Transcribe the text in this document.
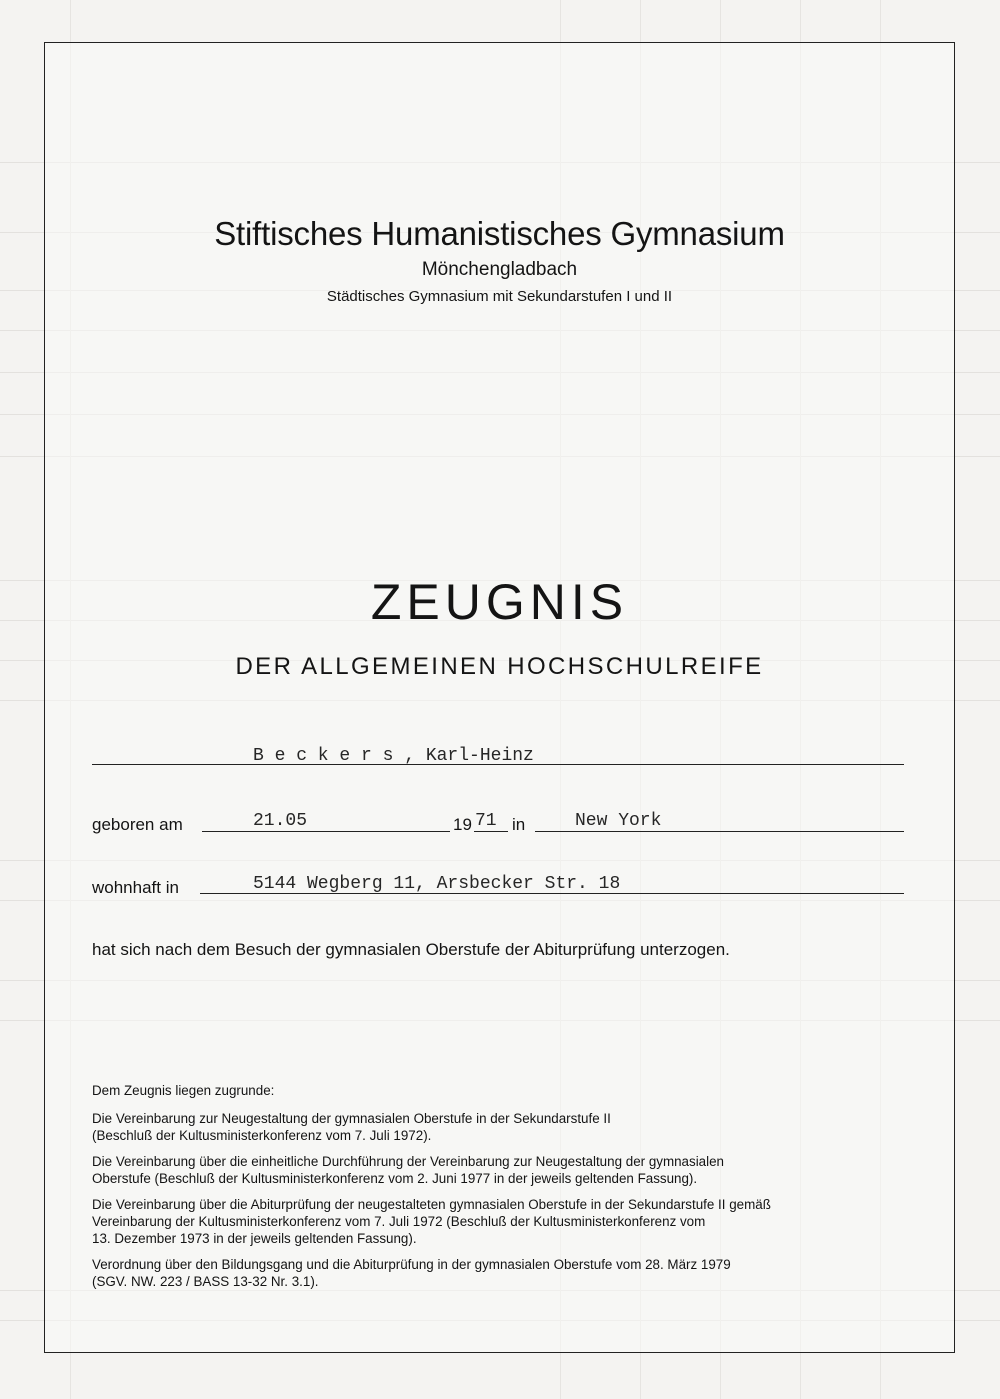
Stiftisches Humanistisches Gymnasium
Mönchengladbach
Städtisches Gymnasium mit Sekundarstufen I und II
ZEUGNIS
DER ALLGEMEINEN HOCHSCHULREIFE
B e c k e r s , Karl-Heinz
geboren am	21.05	19 71 in	New York
wohnhaft in	5144 Wegberg 11, Arsbecker Str. 18
hat sich nach dem Besuch der gymnasialen Oberstufe der Abiturprüfung unterzogen.
Dem Zeugnis liegen zugrunde:
Die Vereinbarung zur Neugestaltung der gymnasialen Oberstufe in der Sekundarstufe II
(Beschluß der Kultusministerkonferenz vom 7. Juli 1972).
Die Vereinbarung über die einheitliche Durchführung der Vereinbarung zur Neugestaltung der gymnasialen
Oberstufe (Beschluß der Kultusministerkonferenz vom 2. Juni 1977 in der jeweils geltenden Fassung).
Die Vereinbarung über die Abiturprüfung der neugestalteten gymnasialen Oberstufe in der Sekundarstufe II gemäß
Vereinbarung der Kultusministerkonferenz vom 7. Juli 1972 (Beschluß der Kultusministerkonferenz vom
13. Dezember 1973 in der jeweils geltenden Fassung).
Verordnung über den Bildungsgang und die Abiturprüfung in der gymnasialen Oberstufe vom 28. März 1979
(SGV. NW. 223 / BASS 13-32 Nr. 3.1).
